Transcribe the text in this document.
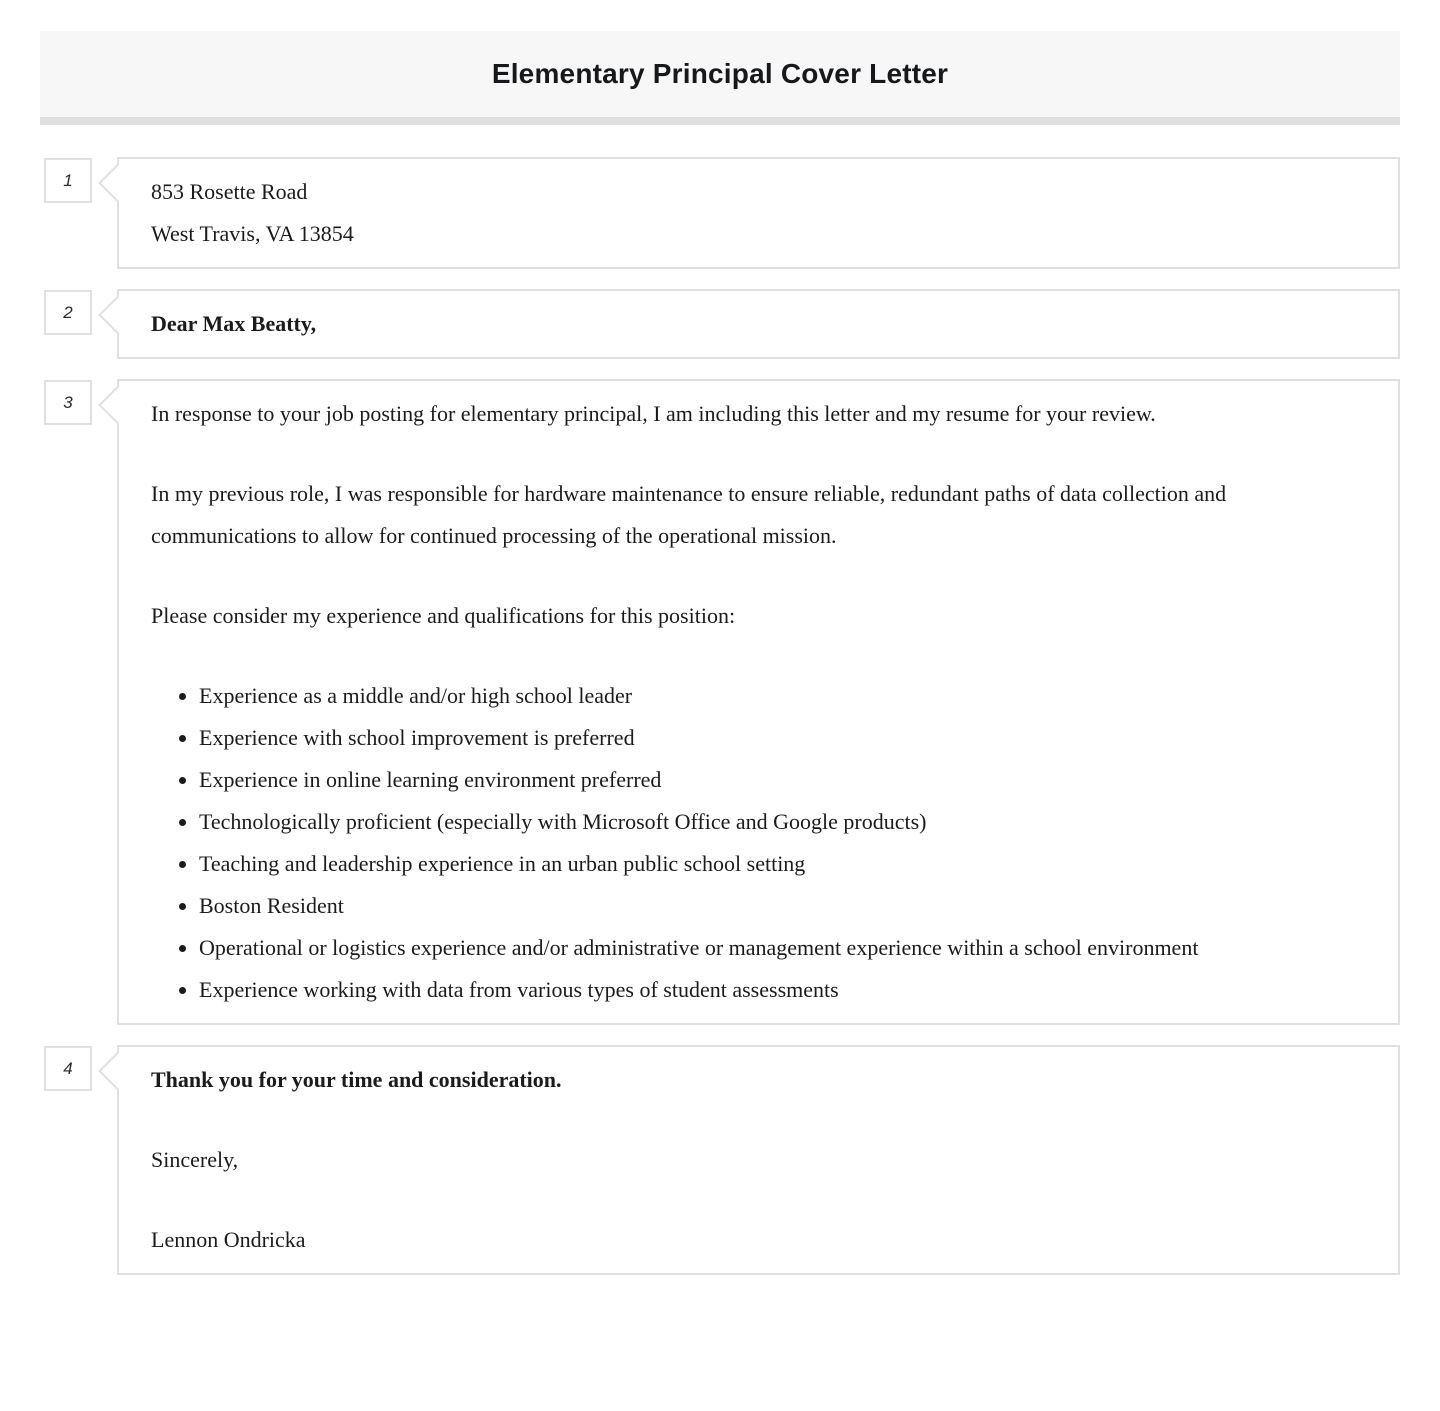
Elementary Principal Cover Letter
1	853 Rosette Road
West Travis, VA 13854
2	Dear Max Beatty,

3	In response to your job posting for elementary principal, I am including this letter and my resume for your review.

In my previous role, I was responsible for hardware maintenance to ensure reliable, redundant paths of data collection and communications to allow for continued processing of the operational mission.

Please consider my experience and qualifications for this position:

• Experience as a middle and/or high school leader
• Experience with school improvement is preferred
• Experience in online learning environment preferred
• Technologically proficient (especially with Microsoft Office and Google products)
• Teaching and leadership experience in an urban public school setting
• Boston Resident
• Operational or logistics experience and/or administrative or management experience within a school environment
• Experience working with data from various types of student assessments
4	Thank you for your time and consideration.

Sincerely,

Lennon Ondricka
